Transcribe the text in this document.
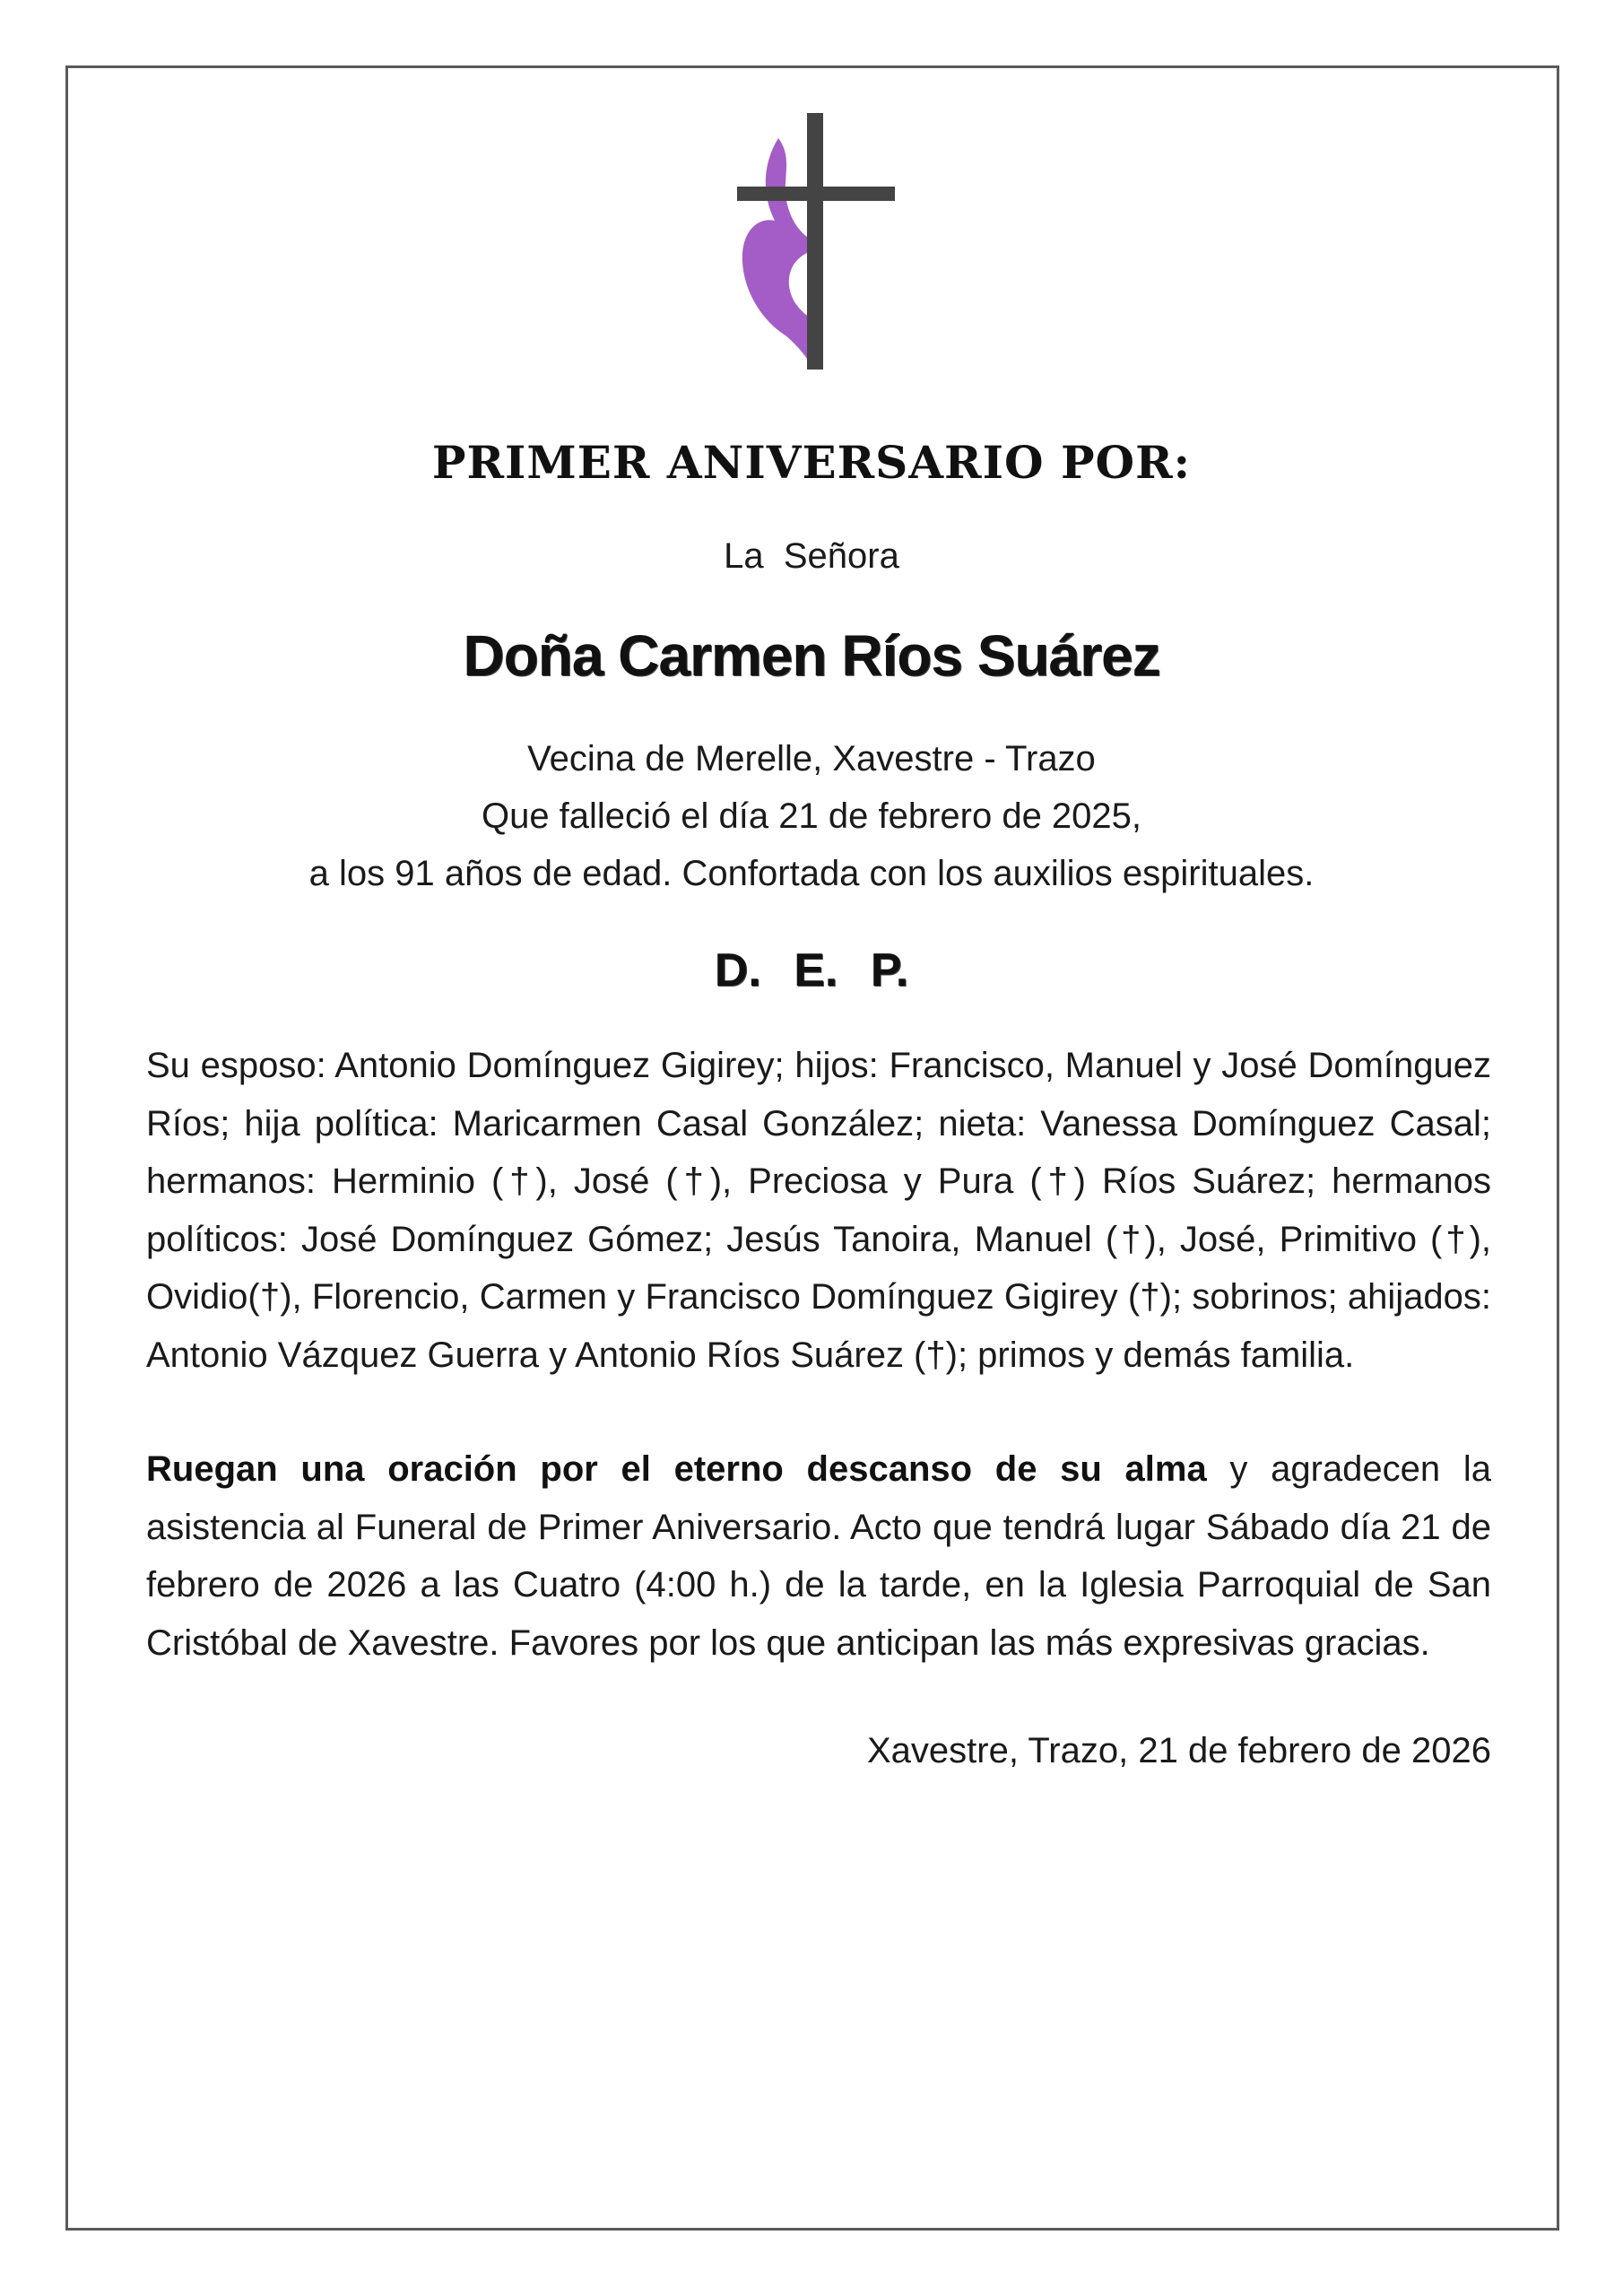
PRIMER ANIVERSARIO POR:
La  Señora
Doña Carmen Ríos Suárez
Vecina de Merelle, Xavestre - Trazo
Que falleció el día 21 de febrero de 2025,
a los 91 años de edad. Confortada con los auxilios espirituales.
D. E. P.
Su esposo: Antonio Domínguez Gigirey; hijos: Francisco, Manuel y José Domínguez Ríos; hija política: Maricarmen Casal González; nieta: Vanessa Domínguez Casal; hermanos: Herminio (†), José (†), Preciosa y Pura (†) Ríos Suárez; hermanos políticos: José Domínguez Gómez; Jesús Tanoira, Manuel (†), José, Primitivo (†), Ovidio(†), Florencio, Carmen y Francisco Domínguez Gigirey (†); sobrinos; ahijados: Antonio Vázquez Guerra y Antonio Ríos Suárez (†); primos y demás familia.
Ruegan una oración por el eterno descanso de su alma y agradecen la asistencia al Funeral de Primer Aniversario. Acto que tendrá lugar Sábado día 21 de febrero de 2026 a las Cuatro (4:00 h.) de la tarde, en la Iglesia Parroquial de San Cristóbal de Xavestre. Favores por los que anticipan las más expresivas gracias.
Xavestre, Trazo, 21 de febrero de 2026
